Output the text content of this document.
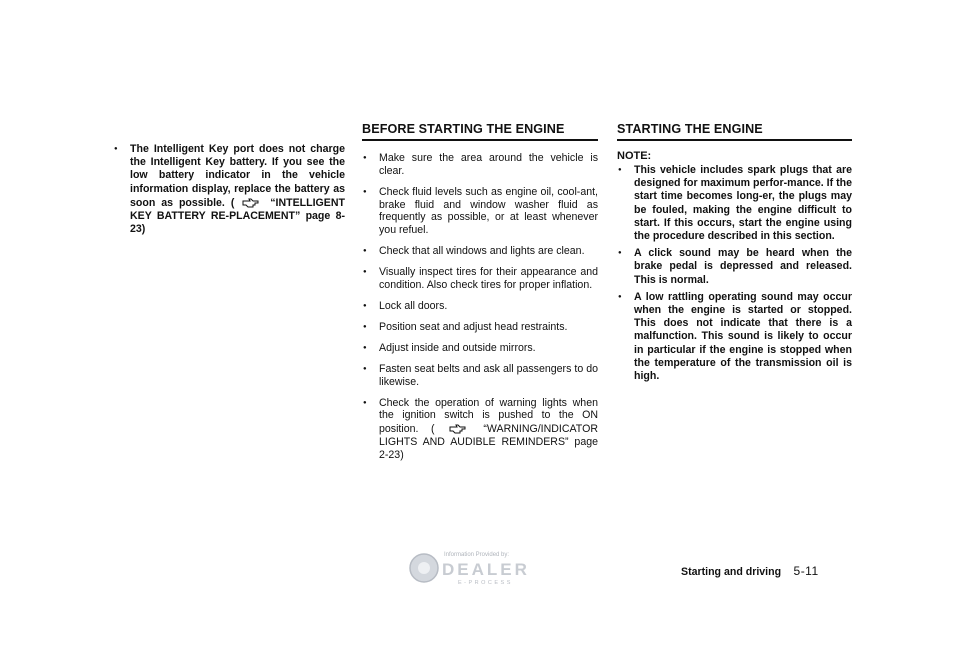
● The Intelligent Key port does not charge the Intelligent Key battery. If you see the low battery indicator in the vehicle information display, replace the battery as soon as possible. (	“INTELLIGENT KEY BATTERY RE-PLACEMENT” page 8-23)
BEFORE STARTING THE ENGINE
● Make sure the area around the vehicle is clear.
● Check fluid levels such as engine oil, cool-ant, brake fluid and window washer fluid as frequently as possible, or at least whenever you refuel.
● Check that all windows and lights are clean.
● Visually inspect tires for their appearance and condition. Also check tires for proper inflation.
● Lock all doors.
● Position seat and adjust head restraints.
● Adjust inside and outside mirrors.
● Fasten seat belts and ask all passengers to do likewise.
● Check the operation of warning lights when the ignition switch is pushed to the ON position. (	“WARNING/INDICATOR LIGHTS AND AUDIBLE REMINDERS” page 2-23)
STARTING THE ENGINE
NOTE:
● This vehicle includes spark plugs that are designed for maximum perfor-mance. If the start time becomes long-er, the plugs may be fouled, making the engine difficult to start. If this occurs, start the engine using the procedure described in this section.
● A click sound may be heard when the brake pedal is depressed and released. This is normal.
● A low rattling operating sound may occur when the engine is started or stopped. This does not indicate that there is a malfunction. This sound is likely to occur in particular if the engine is stopped when the temperature of the transmission oil is high.
Information Provided by:
DEALER
E-PROCESS
Starting and driving 5-11
